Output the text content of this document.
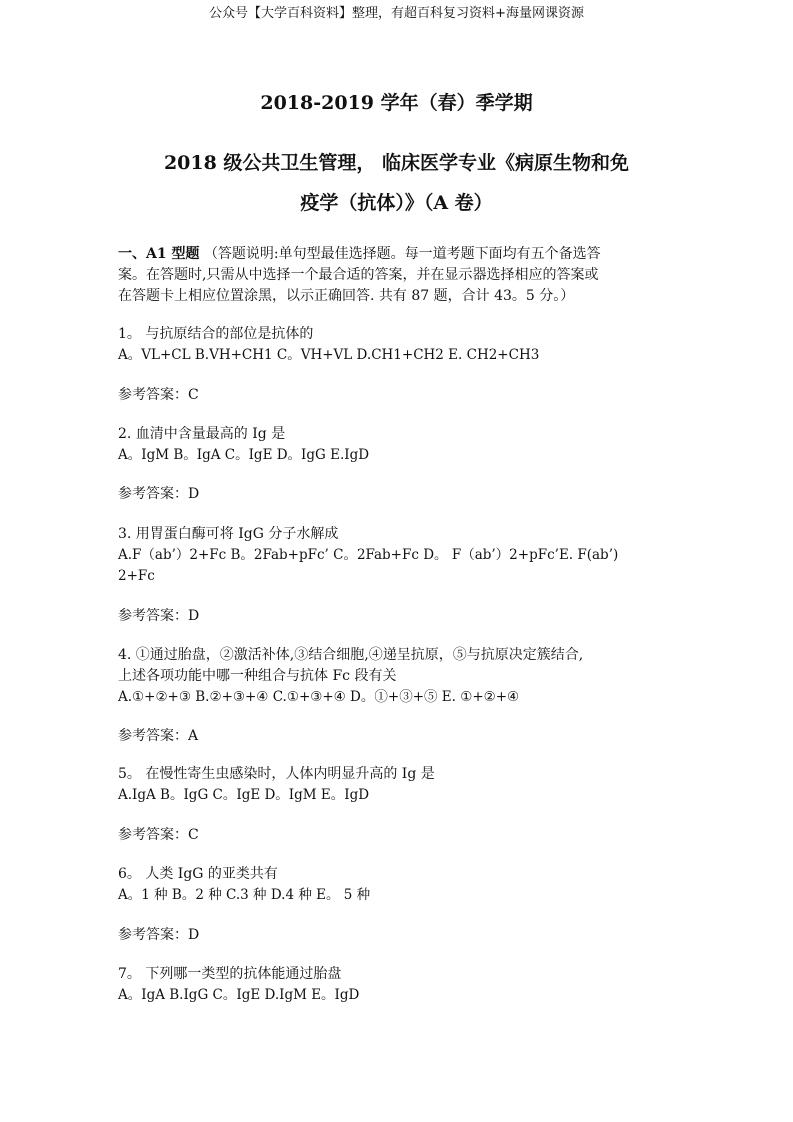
公众号【大学百科资料】整理，有超百科复习资料+海量网课资源
2018-2019 学年（春）季学期
2018 级公共卫生管理， 临床医学专业《病原生物和免
疫学（抗体）》（A 卷）
一、A1 型题 （答题说明:单句型最佳选择题。每一道考题下面均有五个备选答
案。在答题时,只需从中选择一个最合适的答案，并在显示器选择相应的答案或
在答题卡上相应位置涂黑，以示正确回答. 共有 87 题，合计 43。5 分。）
1。 与抗原结合的部位是抗体的
A。VL+CL B.VH+CH1 C。VH+VL D.CH1+CH2 E. CH2+CH3
参考答案：C
2. 血清中含量最高的 Ig 是
A。IgM B。IgA C。IgE D。IgG E.IgD
参考答案：D
3. 用胃蛋白酶可将 IgG 分子水解成
A.F（ab’）2+Fc B。2Fab+pFc’ C。2Fab+Fc D。 F（ab’）2+pFc’E. F(ab’)
2+Fc
参考答案：D
4. ①通过胎盘，②激活补体,③结合细胞,④递呈抗原，⑤与抗原决定簇结合,
上述各项功能中哪一种组合与抗体 Fc 段有关
A.①+②+③ B.②+③+④ C.①+③+④ D。①+③+⑤ E. ①+②+④
参考答案：A
5。 在慢性寄生虫感染时，人体内明显升高的 Ig 是
A.IgA B。IgG C。IgE D。IgM E。IgD
参考答案：C
6。 人类 IgG 的亚类共有
A。1 种 B。2 种 C.3 种 D.4 种 E。 5 种
参考答案：D
7。 下列哪一类型的抗体能通过胎盘
A。IgA B.IgG C。IgE D.IgM E。IgD
